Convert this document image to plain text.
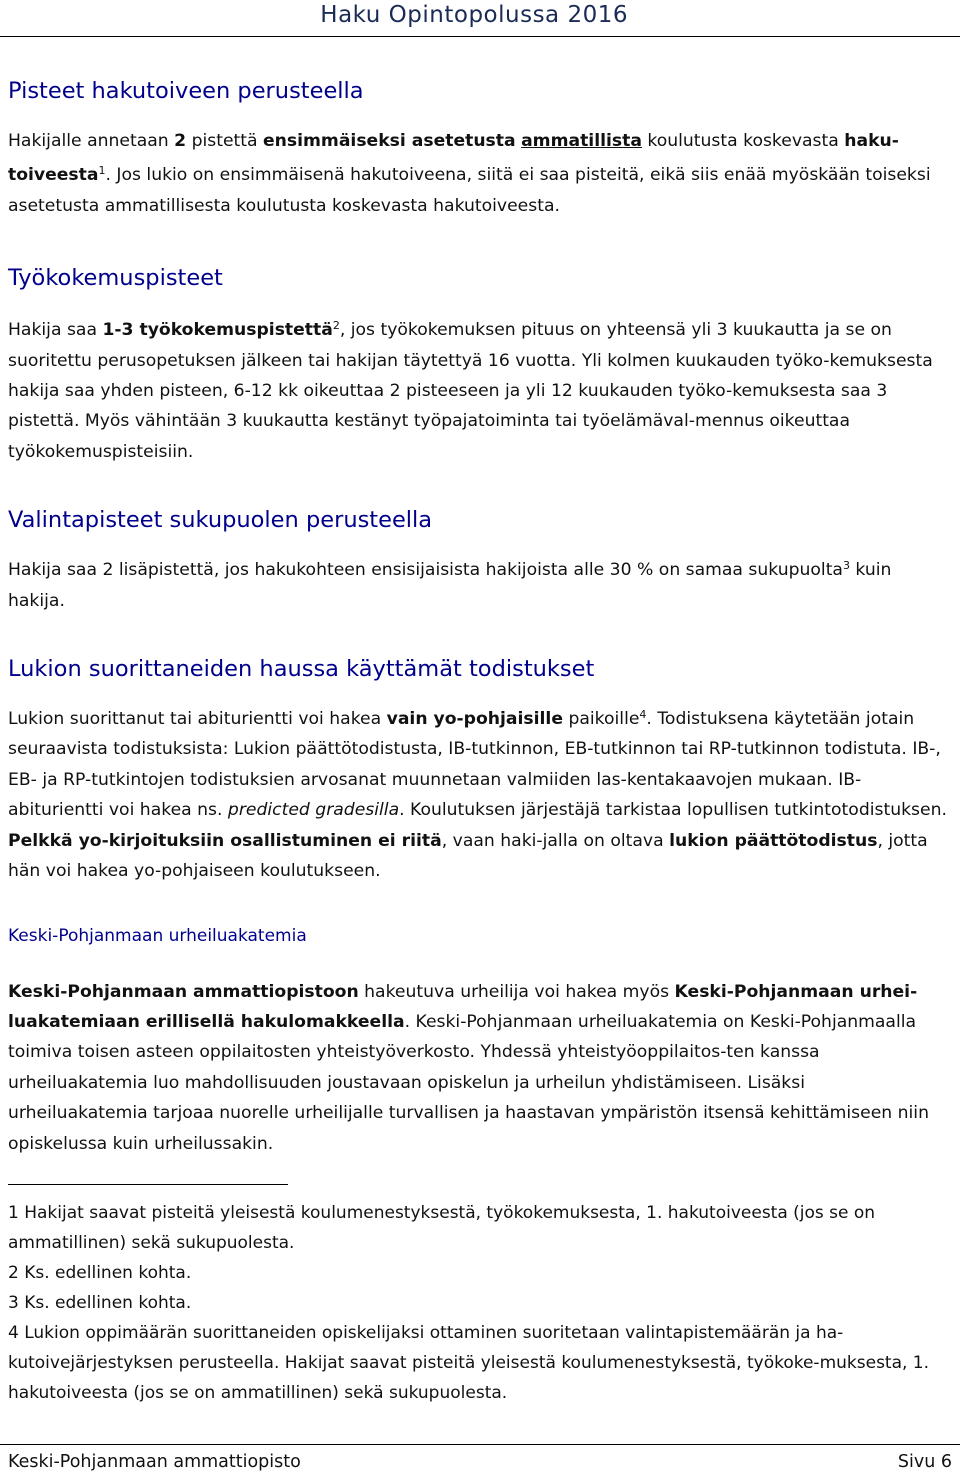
Haku Opintopolussa 2016
Pisteet hakutoiveen perusteella

Hakijalle annetaan 2 pistettä ensimmäiseksi asetetusta ammatillista koulutusta koskevasta haku-toiveesta$^1$. Jos lukio on ensimmäisenä hakutoiveena, siitä ei saa pisteitä, eikä siis enää myöskään toiseksi asetetusta ammatillisesta koulutusta koskevasta hakutoiveesta.

Työkokemuspisteet

Hakija saa 1-3 työkokemuspistettä$^2$, jos työkokemuksen pituus on yhteensä yli 3 kuukautta ja se on suoritettu perusopetuksen jälkeen tai hakijan täytettyä 16 vuotta. Yli kolmen kuukauden työko-kemuksesta hakija saa yhden pisteen, 6-12 kk oikeuttaa 2 pisteeseen ja yli 12 kuukauden työko-kemuksesta saa 3 pistettä. Myös vähintään 3 kuukautta kestänyt työpajatoiminta tai työelämäval-mennus oikeuttaa työkokemuspisteisiin.

Valintapisteet sukupuolen perusteella

Hakija saa 2 lisäpistettä, jos hakukohteen ensisijaisista hakijoista alle 30 % on samaa sukupuolta$^3$ kuin hakija.

Lukion suorittaneiden haussa käyttämät todistukset

Lukion suorittanut tai abiturientti voi hakea vain yo-pohjaisille paikoille$^4$. Todistuksena käytetään jotain seuraavista todistuksista: Lukion päättötodistusta, IB-tutkinnon, EB-tutkinnon tai RP-tutkinnon todistuta. IB-, EB- ja RP-tutkintojen todistuksien arvosanat muunnetaan valmiiden las-kentakaavojen mukaan. IB-abiturientti voi hakea ns. predicted gradesilla. Koulutuksen järjestäjä tarkistaa lopullisen tutkintotodistuksen. Pelkkä yo-kirjoituksiin osallistuminen ei riitä, vaan haki-jalla on oltava lukion päättötodistus, jotta hän voi hakea yo-pohjaiseen koulutukseen.

Keski-Pohjanmaan urheiluakatemia

Keski-Pohjanmaan ammattiopistoon hakeutuva urheilija voi hakea myös Keski-Pohjanmaan urhei-luakatemiaan erillisellä hakulomakkeella. Keski-Pohjanmaan urheiluakatemia on Keski-Pohjanmaalla toimiva toisen asteen oppilaitosten yhteistyöverkosto. Yhdessä yhteistyöoppilaitos-ten kanssa urheiluakatemia luo mahdollisuuden joustavaan opiskelun ja urheilun yhdistämiseen. Lisäksi urheiluakatemia tarjoaa nuorelle urheilijalle turvallisen ja haastavan ympäristön itsensä kehittämiseen niin opiskelussa kuin urheilussakin.

1 Hakijat saavat pisteitä yleisestä koulumenestyksestä, työkokemuksesta, 1. hakutoiveesta (jos se on ammatillinen) sekä sukupuolesta.

2 Ks. edellinen kohta.

3 Ks. edellinen kohta.

4 Lukion oppimäärän suorittaneiden opiskelijaksi ottaminen suoritetaan valintapistemäärän ja ha-kutoivejärjestyksen perusteella. Hakijat saavat pisteitä yleisestä koulumenestyksestä, työkoke-muksesta, 1. hakutoiveesta (jos se on ammatillinen) sekä sukupuolesta.

Keski-Pohjanmaan ammattiopisto	Sivu 6
